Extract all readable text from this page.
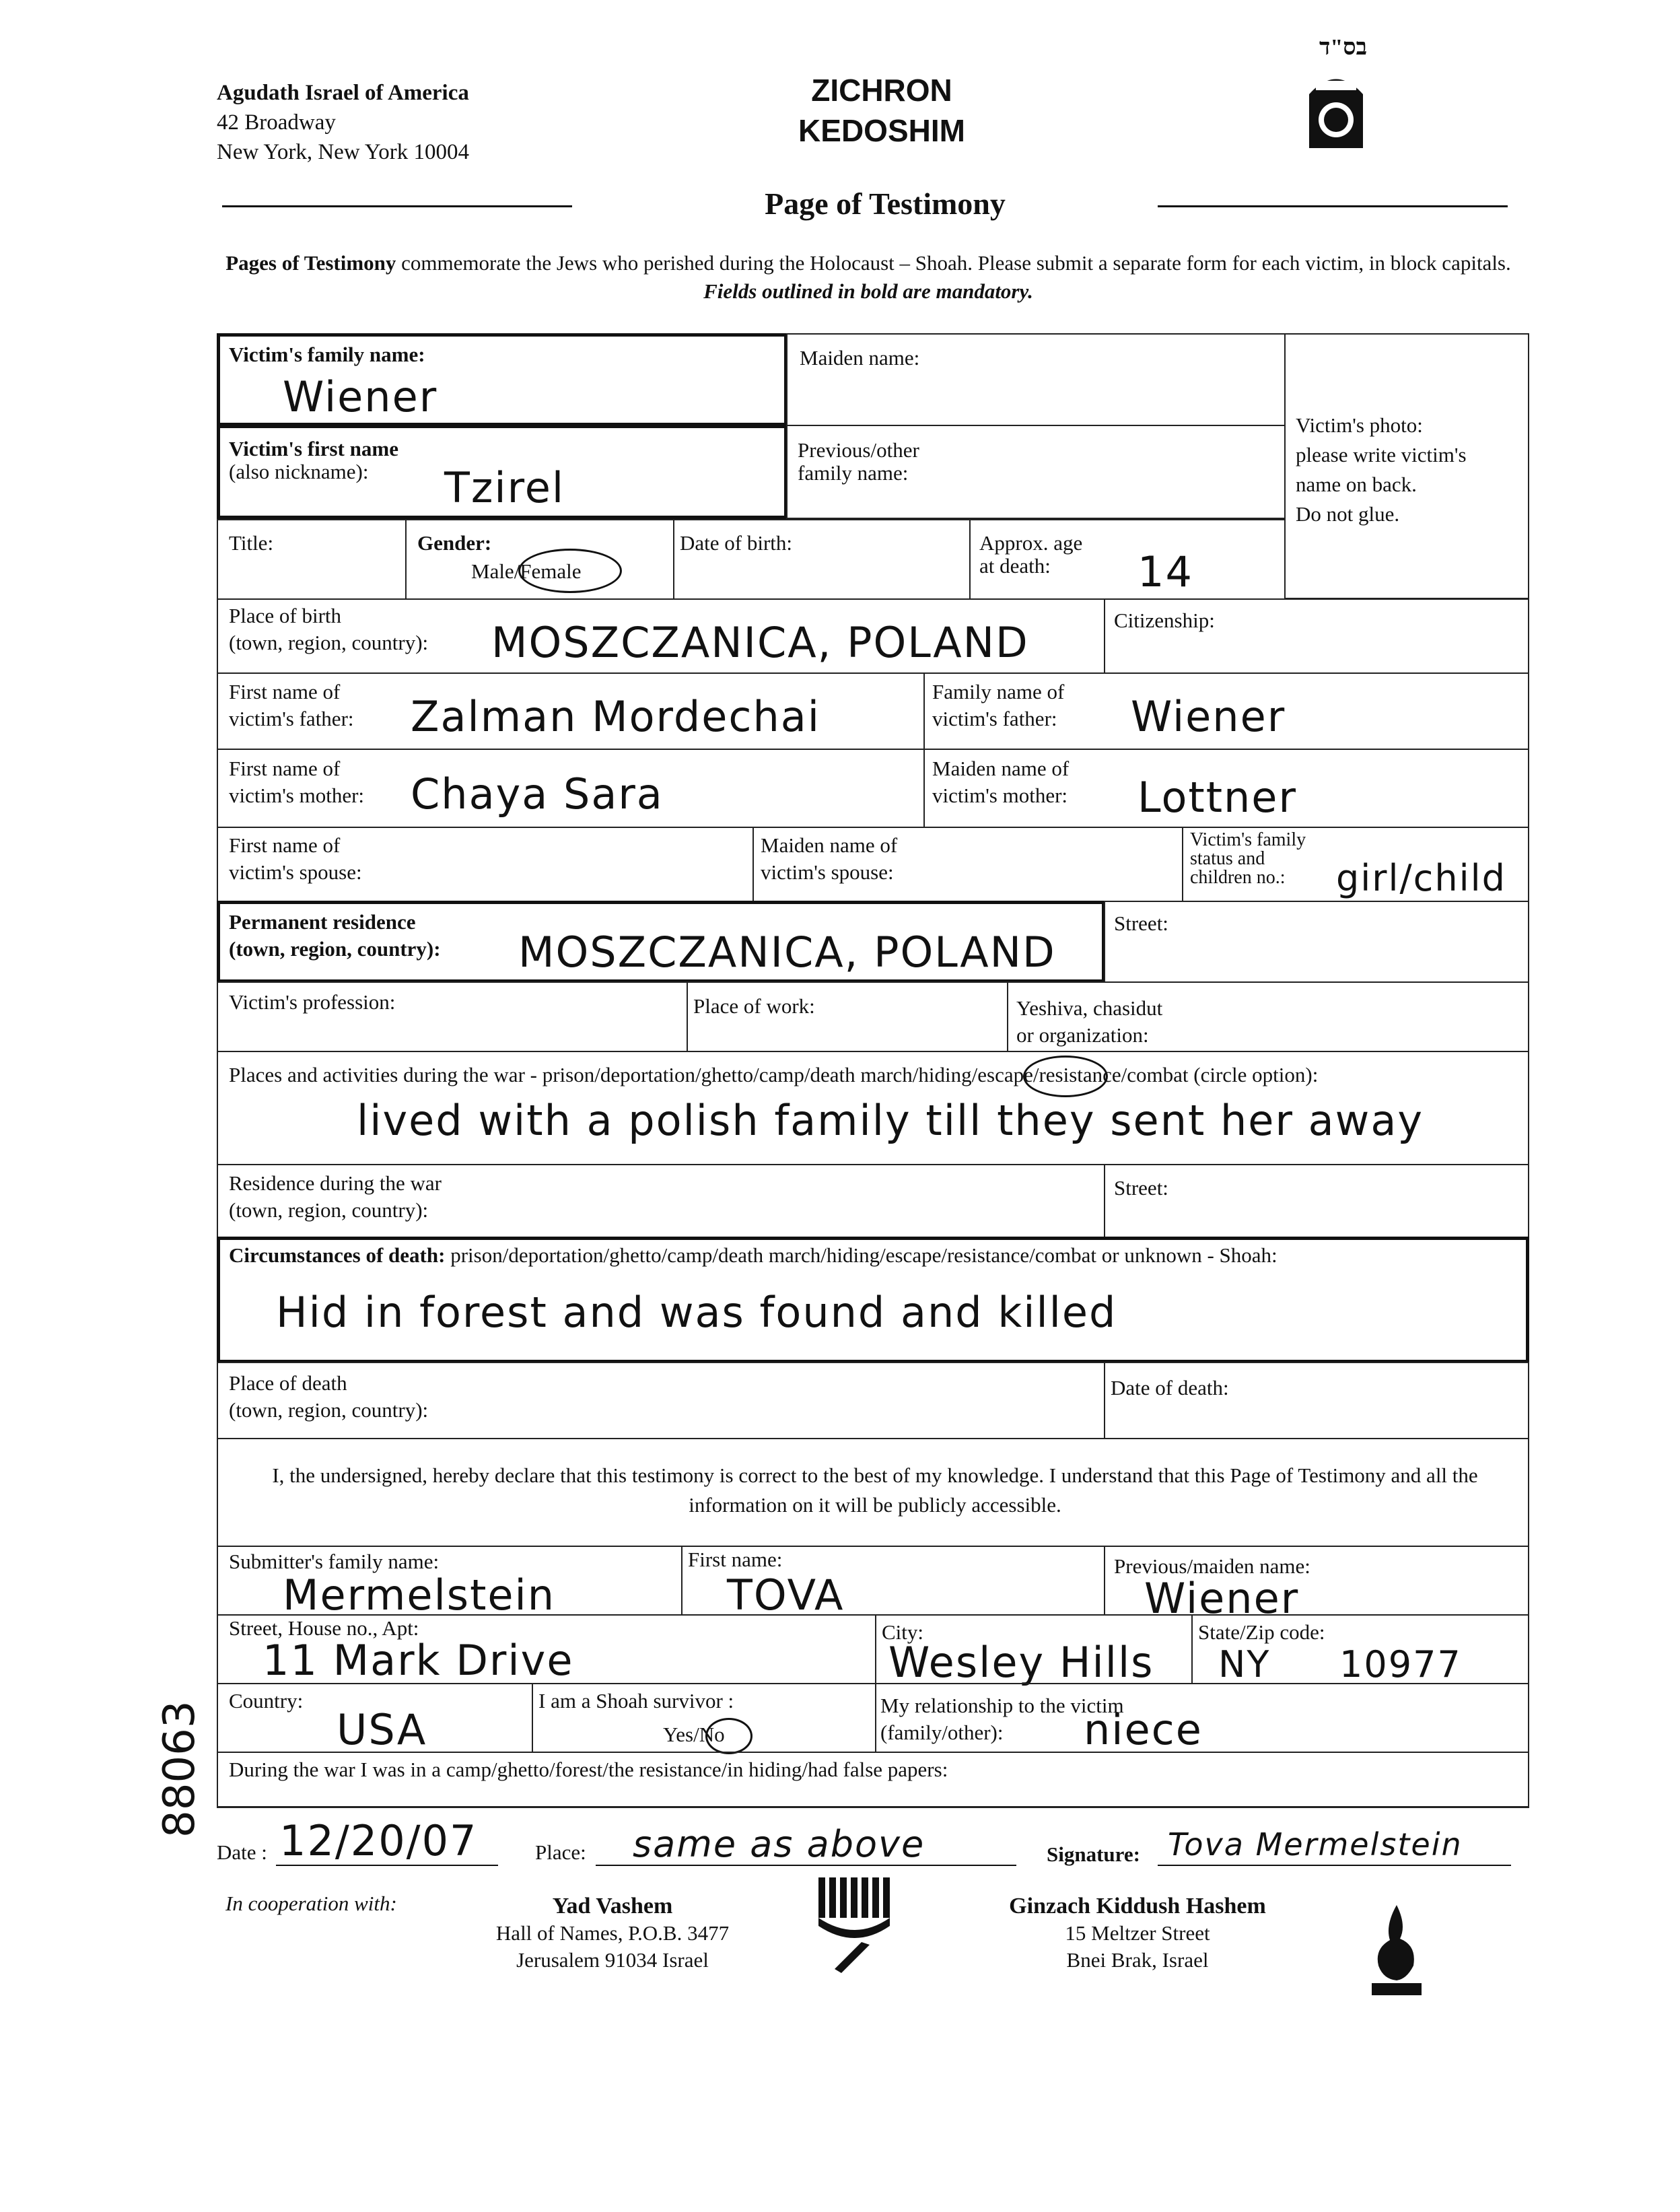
Agudath Israel of America
42 Broadway
New York, New York 10004
ZICHRON
KEDOSHIM
בס"ד
Page of Testimony
Pages of Testimony commemorate the Jews who perished during the Holocaust – Shoah. Please submit a separate form for each victim, in block capitals. Fields outlined in bold are mandatory.
Victim's family name:
Wiener
Maiden name:
Victim's photo:
please write victim's
name on back.
Do not glue.
Victim's first name
(also nickname):	Tzirel
Previous/other
family name:
Title:	Gender:
Male/Female
Date of birth:	Approx. age
at death:	14
Place of birth
(town, region, country): MOSZCZANICA, POLAND	Citizenship:
First name of
victim's father: Zalman Mordechai
Family name of
victim's father: Wiener
First name of
victim's mother: Chaya Sara
Maiden name of
victim's mother: Lottner
First name of
victim's spouse:
Maiden name of
victim's spouse:
Victim's family
status and
children no.:	girl/child
Permanent residence
(town, region, country): MOSZCZANICA, POLAND
Street:
Victim's profession:	Place of work:	Yeshiva, chasidut
or organization:
Places and activities during the war - prison/deportation/ghetto/camp/death march/hiding/escape/resistance/combat (circle option):
lived with a polish family till they sent her away
Residence during the war
(town, region, country):
Street:
Circumstances of death: prison/deportation/ghetto/camp/death march/hiding/escape/resistance/combat or unknown - Shoah:
Hid in forest and was found and killed
Place of death
(town, region, country):
Date of death:
I, the undersigned, hereby declare that this testimony is correct to the best of my knowledge. I understand that this Page of Testimony and all the information on it will be publicly accessible.
Submitter's family name:
Mermelstein
First name:
TOVA
Previous/maiden name:
Wiener
Street, House no., Apt:
11 Mark Drive
City:
Wesley Hills
State/Zip code:
NY 10977
Country:
USA
I am a Shoah survivor :
Yes/No
My relationship to the victim
(family/other):	niece
During the war I was in a camp/ghetto/forest/the resistance/in hiding/had false papers:
Date : 12/20/07	Place: same as above	Signature: Tova Mermelstein
88063
In cooperation with:	Yad Vashem
Hall of Names, P.O.B. 3477
Jerusalem 91034 Israel
Ginzach Kiddush Hashem
15 Meltzer Street
Bnei Brak, Israel
